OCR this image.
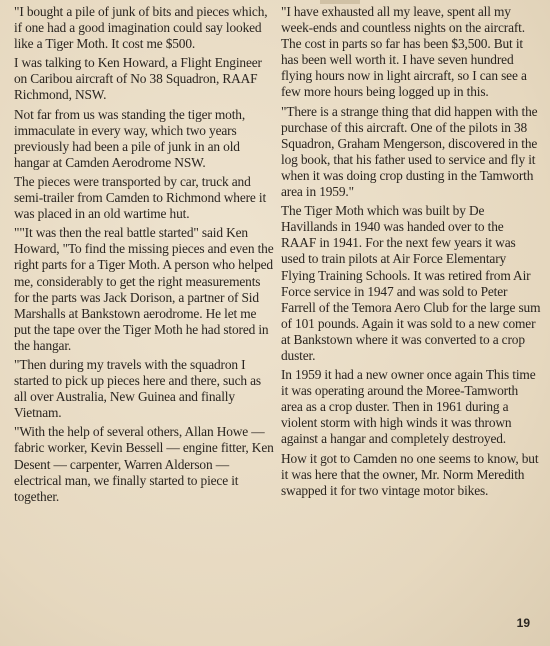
"I bought a pile of junk of bits and pieces which, if one had a good imagination could say looked like a Tiger Moth. It cost me $500.

I was talking to Ken Howard, a Flight Engineer on Caribou aircraft of No 38 Squadron, RAAF Richmond, NSW.

Not far from us was standing the tiger moth, immaculate in every way, which two years previously had been a pile of junk in an old hangar at Camden Aerodrome NSW.

The pieces were transported by car, truck and semi-trailer from Camden to Richmond where it was placed in an old wartime hut.

""It was then the real battle started" said Ken Howard, "To find the missing pieces and even the right parts for a Tiger Moth. A person who helped me, considerably to get the right measurements for the parts was Jack Dorison, a partner of Sid Marshalls at Bankstown aerodrome. He let me put the tape over the Tiger Moth he had stored in the hangar.

"Then during my travels with the squadron I started to pick up pieces here and there, such as all over Australia, New Guinea and finally Vietnam.

"With the help of several others, Allan Howe — fabric worker, Kevin Bessell — engine fitter, Ken Desent — carpenter, Warren Alderson — electrical man, we finally started to piece it together.

"I have exhausted all my leave, spent all my week-ends and countless nights on the aircraft. The cost in parts so far has been $3,500. But it has been well worth it. I have seven hundred flying hours now in light aircraft, so I can see a few more hours being logged up in this.

"There is a strange thing that did happen with the purchase of this aircraft. One of the pilots in 38 Squadron, Graham Mengerson, discovered in the log book, that his father used to service and fly it when it was doing crop dusting in the Tamworth area in 1959."

The Tiger Moth which was built by De Havillands in 1940 was handed over to the RAAF in 1941. For the next few years it was used to train pilots at Air Force Elementary Flying Training Schools. It was retired from Air Force service in 1947 and was sold to Peter Farrell of the Temora Aero Club for the large sum of 101 pounds. Again it was sold to a new comer at Bankstown where it was converted to a crop duster.

In 1959 it had a new owner once again This time it was operating around the Moree-Tamworth area as a crop duster. Then in 1961 during a violent storm with high winds it was thrown against a hangar and completely destroyed.

How it got to Camden no one seems to know, but it was here that the owner, Mr. Norm Meredith swapped it for two vintage motor bikes.

19
